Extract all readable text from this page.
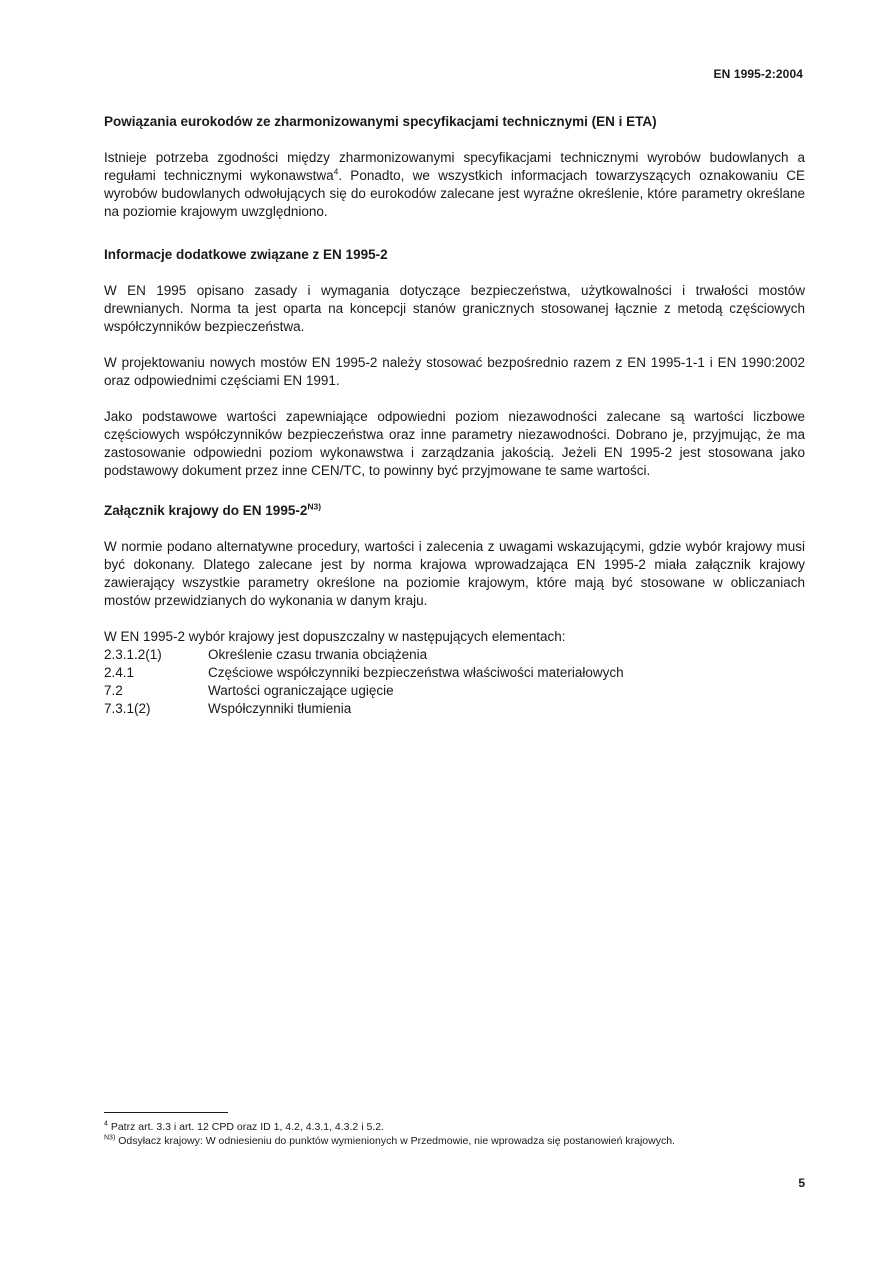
EN 1995-2:2004
Powiązania eurokodów ze zharmonizowanymi specyfikacjami technicznymi (EN i ETA)

Istnieje potrzeba zgodności między zharmonizowanymi specyfikacjami technicznymi wyrobów budowlanych a regułami technicznymi wykonawstwa$^4$. Ponadto, we wszystkich informacjach towarzyszących oznakowaniu CE wyrobów budowlanych odwołujących się do eurokodów zalecane jest wyraźne określenie, które parametry określane na poziomie krajowym uwzględniono.

Informacje dodatkowe związane z EN 1995-2

W EN 1995 opisano zasady i wymagania dotyczące bezpieczeństwa, użytkowalności i trwałości mostów drewnianych. Norma ta jest oparta na koncepcji stanów granicznych stosowanej łącznie z metodą częściowych współczynników bezpieczeństwa.

W projektowaniu nowych mostów EN 1995-2 należy stosować bezpośrednio razem z EN 1995-1-1 i EN 1990:2002 oraz odpowiednimi częściami EN 1991.

Jako podstawowe wartości zapewniające odpowiedni poziom niezawodności zalecane są wartości liczbowe częściowych współczynników bezpieczeństwa oraz inne parametry niezawodności. Dobrano je, przyjmując, że ma zastosowanie odpowiedni poziom wykonawstwa i zarządzania jakością. Jeżeli EN 1995-2 jest stosowana jako podstawowy dokument przez inne CEN/TC, to powinny być przyjmowane te same wartości.

Załącznik krajowy do EN $1995-2^{N3)}$

W normie podano alternatywne procedury, wartości i zalecenia z uwagami wskazującymi, gdzie wybór krajowy musi być dokonany. Dlatego zalecane jest by norma krajowa wprowadzająca EN 1995-2 miała załącznik krajowy zawierający wszystkie parametry określone na poziomie krajowym, które mają być stosowane w obliczaniach mostów przewidzianych do wykonania w danym kraju.

W EN 1995-2 wybór krajowy jest dopuszczalny w następujących elementach:

2.3.1.2(1)	Określenie czasu trwania obciążenia
2.4.1	Częściowe współczynniki bezpieczeństwa właściwości materiałowych
7.2	Wartości ograniczające ugięcie
7.3.1(2)	Współczynniki tłumienia
$^4$ Patrz art. 3.3 i art. 12 CPD oraz ID 1, 4.2, 4.3.1, 4.3.2 i 5.2.
$^{N3)}$ Odsyłacz krajowy: W odniesieniu do punktów wymienionych w Przedmowie, nie wprowadza się postanowień krajowych.
5
